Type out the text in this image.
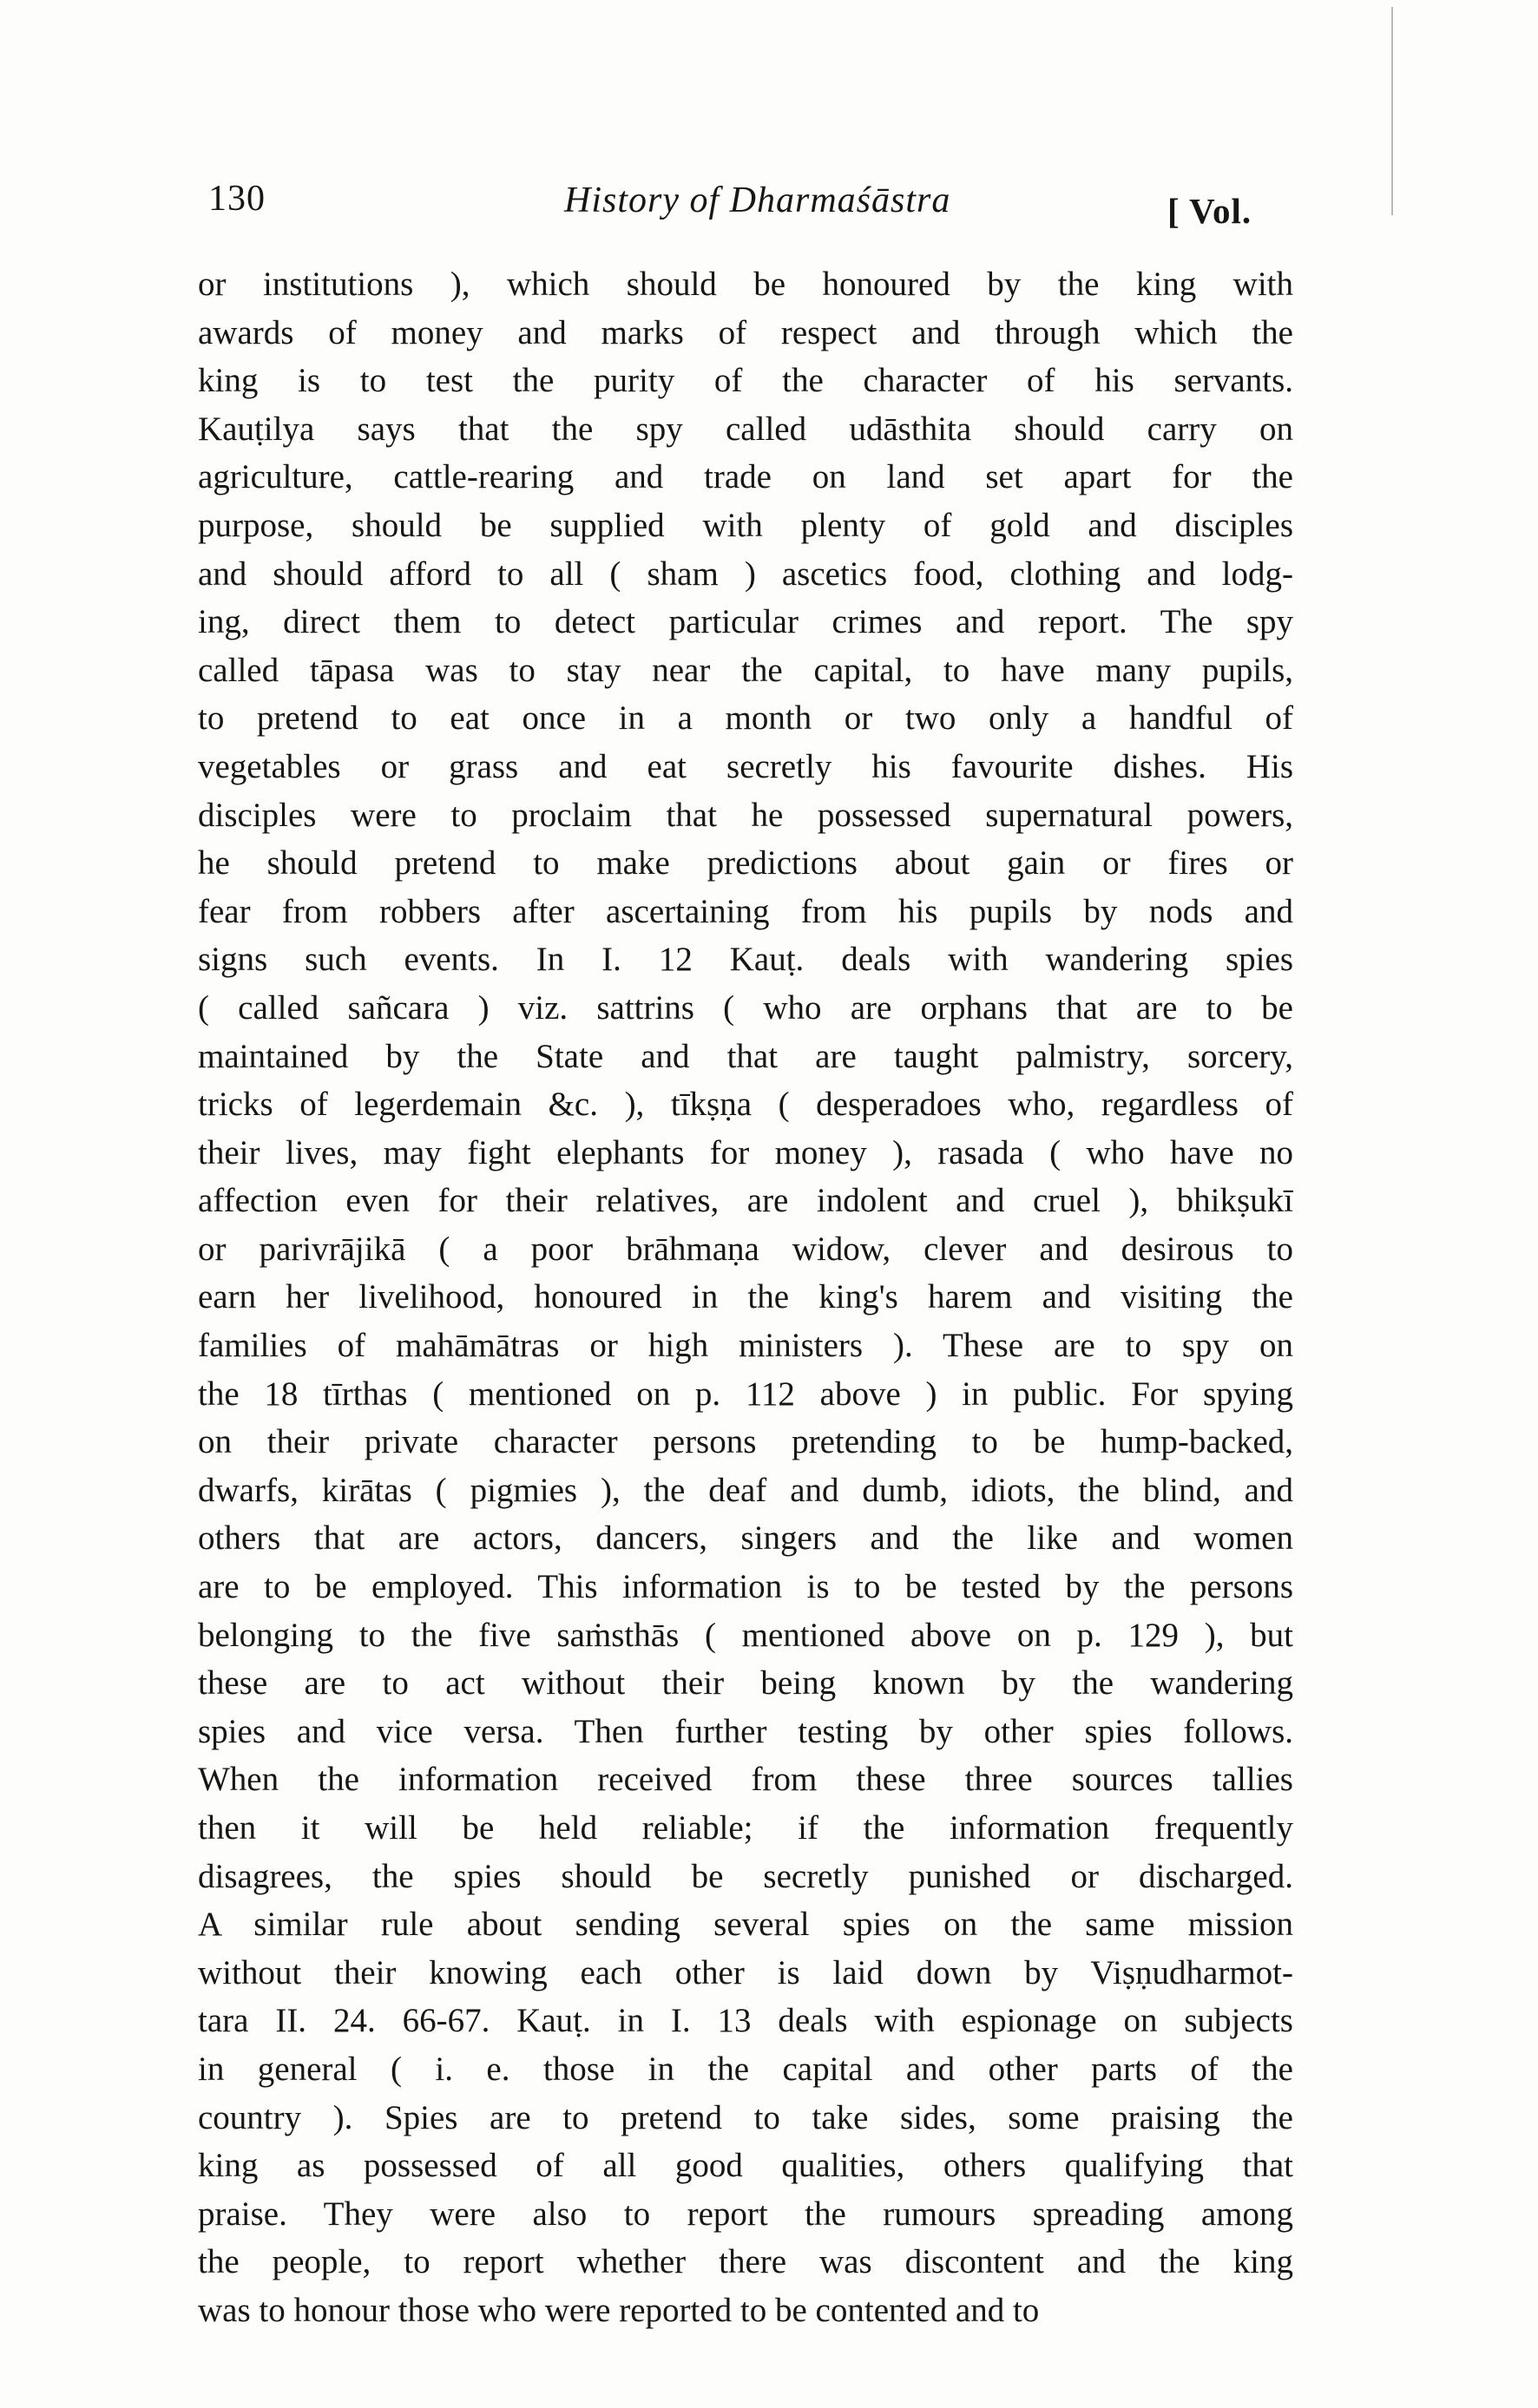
130	History of Dharmaśāstra	[ Vol.
or institutions ), which should be honoured by the king with
awards of money and marks of respect and through which the
king is to test the purity of the character of his servants.
Kauṭilya says that the spy called udāsthita should carry on
agriculture, cattle-rearing and trade on land set apart for the
purpose, should be supplied with plenty of gold and disciples
and should afford to all ( sham ) ascetics food, clothing and lodg-
ing, direct them to detect particular crimes and report. The spy
called tāpasa was to stay near the capital, to have many pupils,
to pretend to eat once in a month or two only a handful of
vegetables or grass and eat secretly his favourite dishes. His
disciples were to proclaim that he possessed supernatural powers,
he should pretend to make predictions about gain or fires or
fear from robbers after ascertaining from his pupils by nods and
signs such events. In I. 12 Kauṭ. deals with wandering spies
( called sañcara ) viz. sattrins ( who are orphans that are to be
maintained by the State and that are taught palmistry, sorcery,
tricks of legerdemain &c. ), tīkṣṇa ( desperadoes who, regardless of
their lives, may fight elephants for money ), rasada ( who have no
affection even for their relatives, are indolent and cruel ), bhikṣukī
or parivrājikā ( a poor brāhmaṇa widow, clever and desirous to
earn her livelihood, honoured in the king's harem and visiting the
families of mahāmātras or high ministers ). These are to spy on
the 18 tīrthas ( mentioned on p. 112 above ) in public. For spying
on their private character persons pretending to be hump-backed,
dwarfs, kirātas ( pigmies ), the deaf and dumb, idiots, the blind, and
others that are actors, dancers, singers and the like and women
are to be employed. This information is to be tested by the persons
belonging to the five saṁsthās ( mentioned above on p. 129 ), but
these are to act without their being known by the wandering
spies and vice versa. Then further testing by other spies follows.
When the information received from these three sources tallies
then it will be held reliable; if the information frequently
disagrees, the spies should be secretly punished or discharged.
A similar rule about sending several spies on the same mission
without their knowing each other is laid down by Viṣṇudharmot-
tara II. 24. 66-67. Kauṭ. in I. 13 deals with espionage on subjects
in general ( i. e. those in the capital and other parts of the
country ). Spies are to pretend to take sides, some praising the
king as possessed of all good qualities, others qualifying that
praise. They were also to report the rumours spreading among
the people, to report whether there was discontent and the king
was to honour those who were reported to be contented and to
